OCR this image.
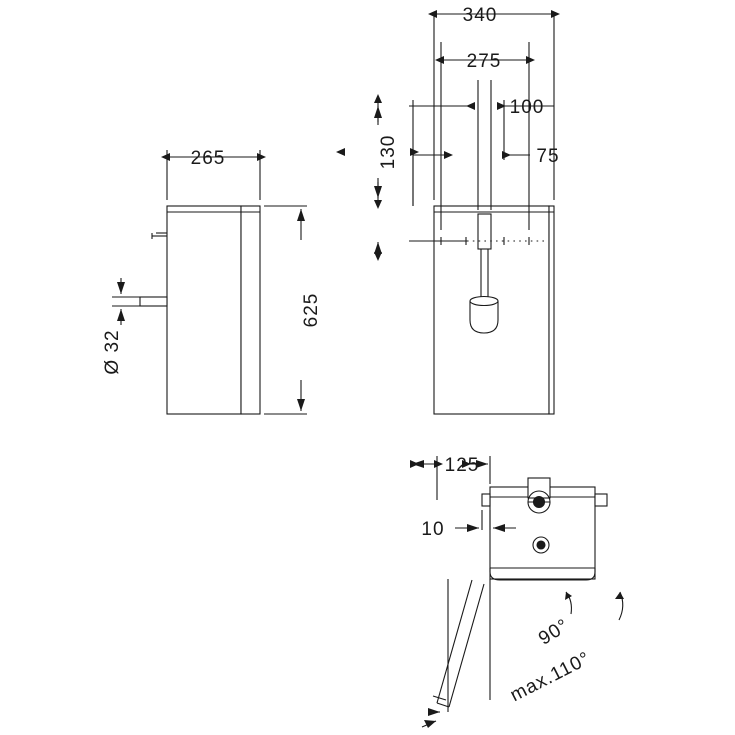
340
275
100
75
130
265
625
Ø 32
125
10
90°
max.110°
